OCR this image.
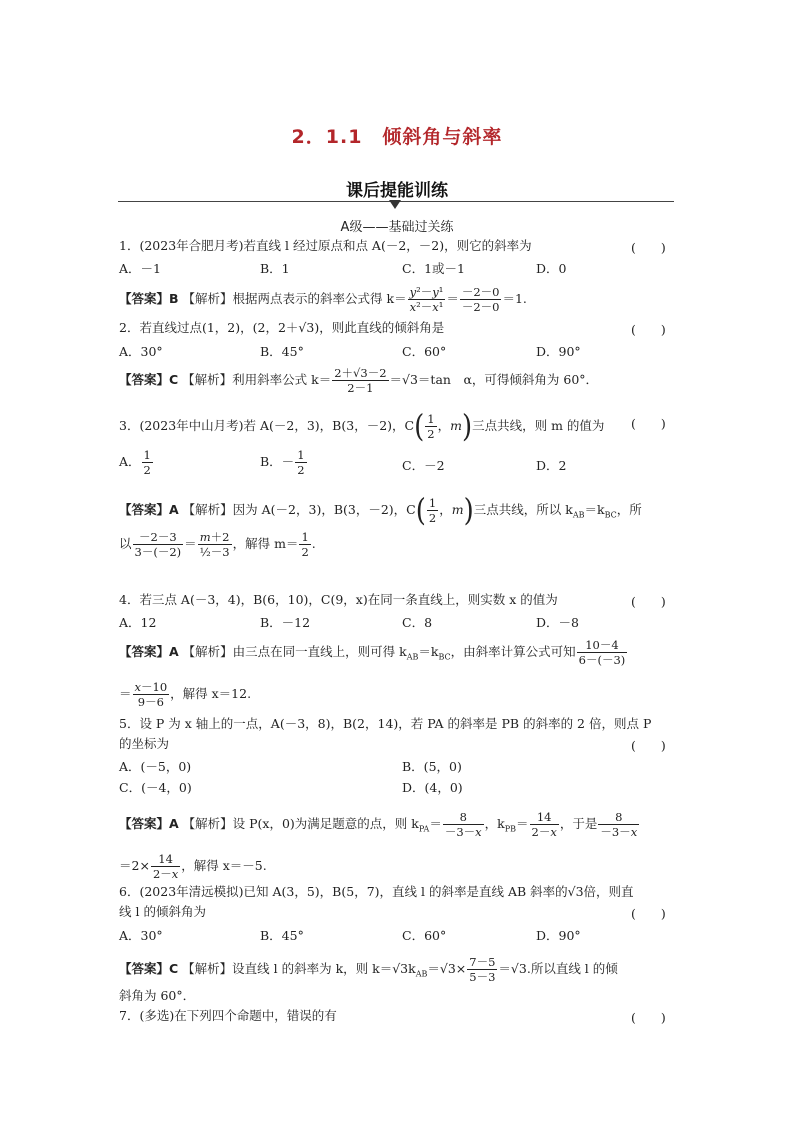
2．1.1　倾斜角与斜率
课后提能训练
A级——基础过关练
1．(2023年合肥月考)若直线 l 经过原点和点 A(－2，－2)，则它的斜率为	(　　)
A．－1	B．1	C．1或－1	D．0
【答案】B 【解析】根据两点表示的斜率公式得 $k= \frac{\text{y²－y¹}}{\text{x²－x¹}} = \frac{-2-0}{-2-0} =1$.
2．若直线过点(1，2)，(2，2＋√3)，则此直线的倾斜角是	(　　)
A．30°	B．45°	C．60°	D．90°
【答案】C 【解析】利用斜率公式 $k= \frac{2+√3-2}{2-1} =√3=\tan$　α，可得倾斜角为 60°．
3．(2023年中山月考)若 A(－2，3)，B(3，－2)，$C( \frac{1}{2}$ ，m)三点共线，则 m 的值为 (　　)
A． $\frac{1}{2}$	B．－ $\frac{1}{2}$	C．－2	D．2
【答案】A 【解析】因为 A(－2，3)，B(3，－2)，$C( \frac{1}{2}$ ，m)三点共线，所以 $k_{AB}=k_{BC}$，所
以 $\frac{-2-3}{3-(-2)} = \frac{m+2}{\text{½－3}}$ ，解得 $m= \frac{1}{2}$ .
4．若三点 A(－3，4)，B(6，10)，C(9，x)在同一条直线上，则实数 x 的值为	(　　)
A．12	B．－12	C．8	D．－8
【答案】A 【解析】由三点在同一直线上，则可得 $k_{AB}=k_{BC}$，由斜率计算公式可知 $\frac{10-4}{6-(-3)}$
＝ $\frac{x-10}{9-6}$ ，解得 x＝12.
5．设 P 为 x 轴上的一点，A(－3，8)，B(2，14)，若 PA 的斜率是 PB 的斜率的 2 倍，则点 P
的坐标为	(　　)
A．(－5，0)	B．(5，0)
C．(－4，0)	D．(4，0)
【答案】A 【解析】设 P(x，0)为满足题意的点，则 $k_{PA}= \frac{8}{-3-x}$ ，$k_{PB}= \frac{14}{2-x}$ ，于是 $\frac{8}{-3-x}$
$=2\times \frac{14}{2-x}$ ，解得 x＝－5.
6．(2023年清远模拟)已知 A(3，5)，B(5，7)，直线 l 的斜率是直线 AB 斜率的√3倍，则直
线 l 的倾斜角为	(　　)
A．30°	B．45°	C．60°	D．90°
【答案】C 【解析】设直线 l 的斜率为 k，则 $k=√3k_{AB}=√3\times \frac{7-5}{5-3} =√3$.所以直线 l 的倾
斜角为 60°．
7．(多选)在下列四个命题中，错误的有	(　　)
